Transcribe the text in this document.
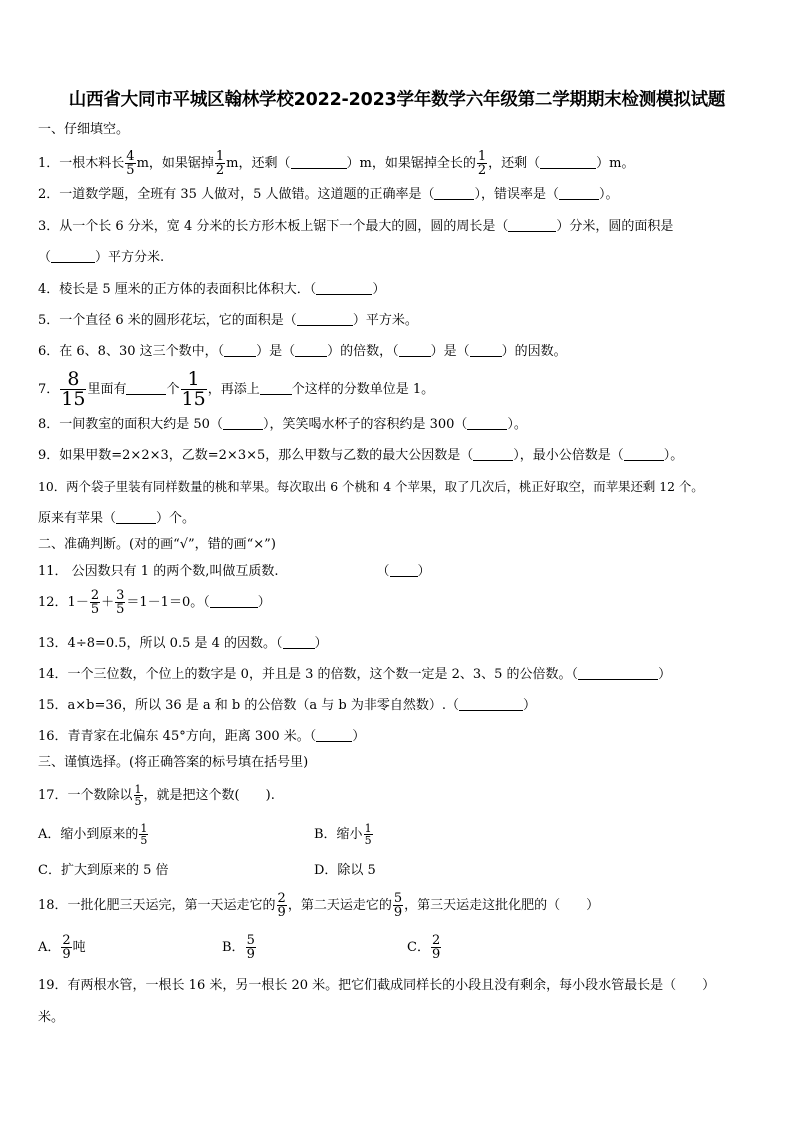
山西省大同市平城区翰林学校2022-2023学年数学六年级第二学期期末检测模拟试题
一、仔细填空。
1．一根木料长 $\frac{4}{5}$ m，如果锯掉 $\frac{1}{2}$ m，还剩（	）m，如果锯掉全长的 $\frac{1}{2}$ ，还剩（	）m。
2．一道数学题，全班有 35 人做对，5 人做错。这道题的正确率是（	），错误率是（	）。
3．从一个长 6 分米，宽 4 分米的长方形木板上锯下一个最大的圆，圆的周长是（	）分米，圆的面积是
（	）平方分米.
4．棱长是 5 厘米的正方体的表面积比体积大．（	）
5．一个直径 6 米的圆形花坛，它的面积是（	）平方米。
6．在 6、8、30 这三个数中，（ ）是（ ）的倍数，（ ）是（ ）的因数。
7． $\frac{8}{15}$ 里面有	个 $\frac{1}{15}$ ，再添上 个这样的分数单位是 1。
8．一间教室的面积大约是 50（	），笑笑喝水杯子的容积约是 300（	）。
9．如果甲数=2×2×3，乙数=2×3×5，那么甲数与乙数的最大公因数是（	），最小公倍数是（	）。
10．两个袋子里装有同样数量的桃和苹果。每次取出 6 个桃和 4 个苹果，取了几次后，桃正好取空，而苹果还剩 12 个。
原来有苹果（	）个。
二、准确判断。(对的画“√”，错的画“×”)
11． 公因数只有 1 的两个数,叫做互质数.	（ ）
12．$1- \frac{2}{5} + \frac{3}{5} =1-1=0$。（	）
13．4÷8=0.5，所以 0.5 是 4 的因数。（ ）
14．一个三位数，个位上的数字是 0，并且是 3 的倍数，这个数一定是 2、3、5 的公倍数。（	）
15．a×b=36，所以 36 是 a 和 b 的公倍数（a 与 b 为非零自然数）.（	）
16．青青家在北偏东 45°方向，距离 300 米。（	）
三、谨慎选择。(将正确答案的标号填在括号里)
17．一个数除以 $\frac{1}{5}$ ，就是把这个数(　　).
A．缩小到原来的 $\frac{1}{5}$	B．缩小 $\frac{1}{5}$
C．扩大到原来的 5 倍	D．除以 5
18．一批化肥三天运完，第一天运走它的 $\frac{2}{9}$ ，第二天运走它的 $\frac{5}{9}$ ，第三天运走这批化肥的（　　）
A． $\frac{2}{9}$ 吨	B． $\frac{5}{9}$	C． $\frac{2}{9}$
19．有两根水管，一根长 16 米，另一根长 20 米。把它们截成同样长的小段且没有剩余，每小段水管最长是（　　）
米。
